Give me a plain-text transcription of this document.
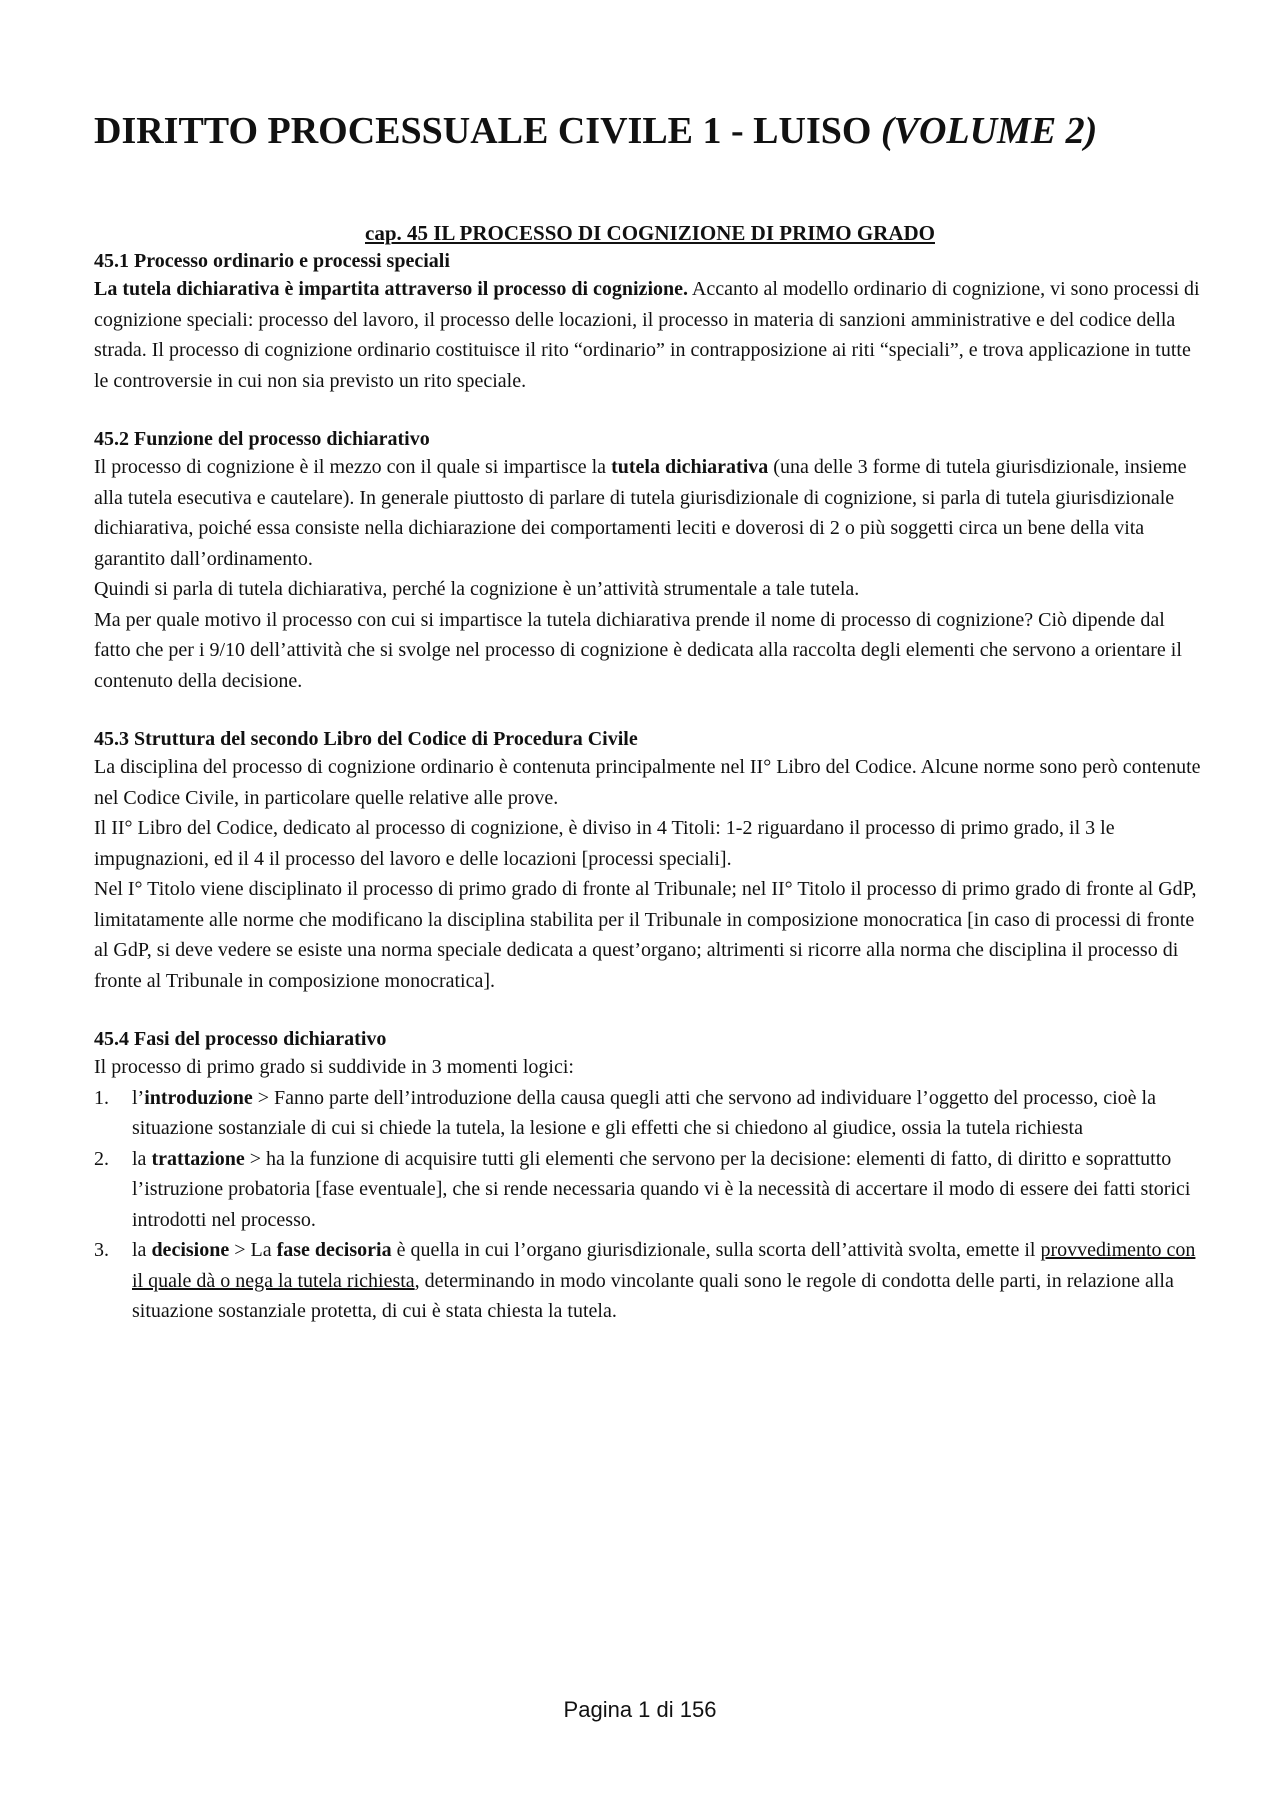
DIRITTO PROCESSUALE CIVILE 1 - LUISO (VOLUME 2)
cap. 45 IL PROCESSO DI COGNIZIONE DI PRIMO GRADO
45.1 Processo ordinario e processi speciali
La tutela dichiarativa è impartita attraverso il processo di cognizione. Accanto al modello ordinario di cognizione, vi sono processi di cognizione speciali: processo del lavoro, il processo delle locazioni, il processo in materia di sanzioni amministrative e del codice della strada. Il processo di cognizione ordinario costituisce il rito “ordinario” in contrapposizione ai riti “speciali”, e trova applicazione in tutte le controversie in cui non sia previsto un rito speciale.
45.2 Funzione del processo dichiarativo
Il processo di cognizione è il mezzo con il quale si impartisce la tutela dichiarativa (una delle 3 forme di tutela giurisdizionale, insieme alla tutela esecutiva e cautelare). In generale piuttosto di parlare di tutela giurisdizionale di cognizione, si parla di tutela giurisdizionale dichiarativa, poiché essa consiste nella dichiarazione dei comportamenti leciti e doverosi di 2 o più soggetti circa un bene della vita garantito dall’ordinamento.
Quindi si parla di tutela dichiarativa, perché la cognizione è un’attività strumentale a tale tutela.
Ma per quale motivo il processo con cui si impartisce la tutela dichiarativa prende il nome di processo di cognizione? Ciò dipende dal fatto che per i 9/10 dell’attività che si svolge nel processo di cognizione è dedicata alla raccolta degli elementi che servono a orientare il contenuto della decisione.
45.3 Struttura del secondo Libro del Codice di Procedura Civile
La disciplina del processo di cognizione ordinario è contenuta principalmente nel II° Libro del Codice. Alcune norme sono però contenute nel Codice Civile, in particolare quelle relative alle prove.
Il II° Libro del Codice, dedicato al processo di cognizione, è diviso in 4 Titoli: 1-2 riguardano il processo di primo grado, il 3 le impugnazioni, ed il 4 il processo del lavoro e delle locazioni [processi speciali].
Nel I° Titolo viene disciplinato il processo di primo grado di fronte al Tribunale; nel II° Titolo il processo di primo grado di fronte al GdP, limitatamente alle norme che modificano la disciplina stabilita per il Tribunale in composizione monocratica [in caso di processi di fronte al GdP, si deve vedere se esiste una norma speciale dedicata a quest’organo; altrimenti si ricorre alla norma che disciplina il processo di fronte al Tribunale in composizione monocratica].
45.4 Fasi del processo dichiarativo
Il processo di primo grado si suddivide in 3 momenti logici:
1. l’introduzione > Fanno parte dell’introduzione della causa quegli atti che servono ad individuare l’oggetto del processo, cioè la situazione sostanziale di cui si chiede la tutela, la lesione e gli effetti che si chiedono al giudice, ossia la tutela richiesta
2. la trattazione > ha la funzione di acquisire tutti gli elementi che servono per la decisione: elementi di fatto, di diritto e soprattutto l’istruzione probatoria [fase eventuale], che si rende necessaria quando vi è la necessità di accertare il modo di essere dei fatti storici introdotti nel processo.
3. la decisione > La fase decisoria è quella in cui l’organo giurisdizionale, sulla scorta dell’attività svolta, emette il provvedimento con il quale dà o nega la tutela richiesta, determinando in modo vincolante quali sono le regole di condotta delle parti, in relazione alla situazione sostanziale protetta, di cui è stata chiesta la tutela.
Pagina 1 di 156
